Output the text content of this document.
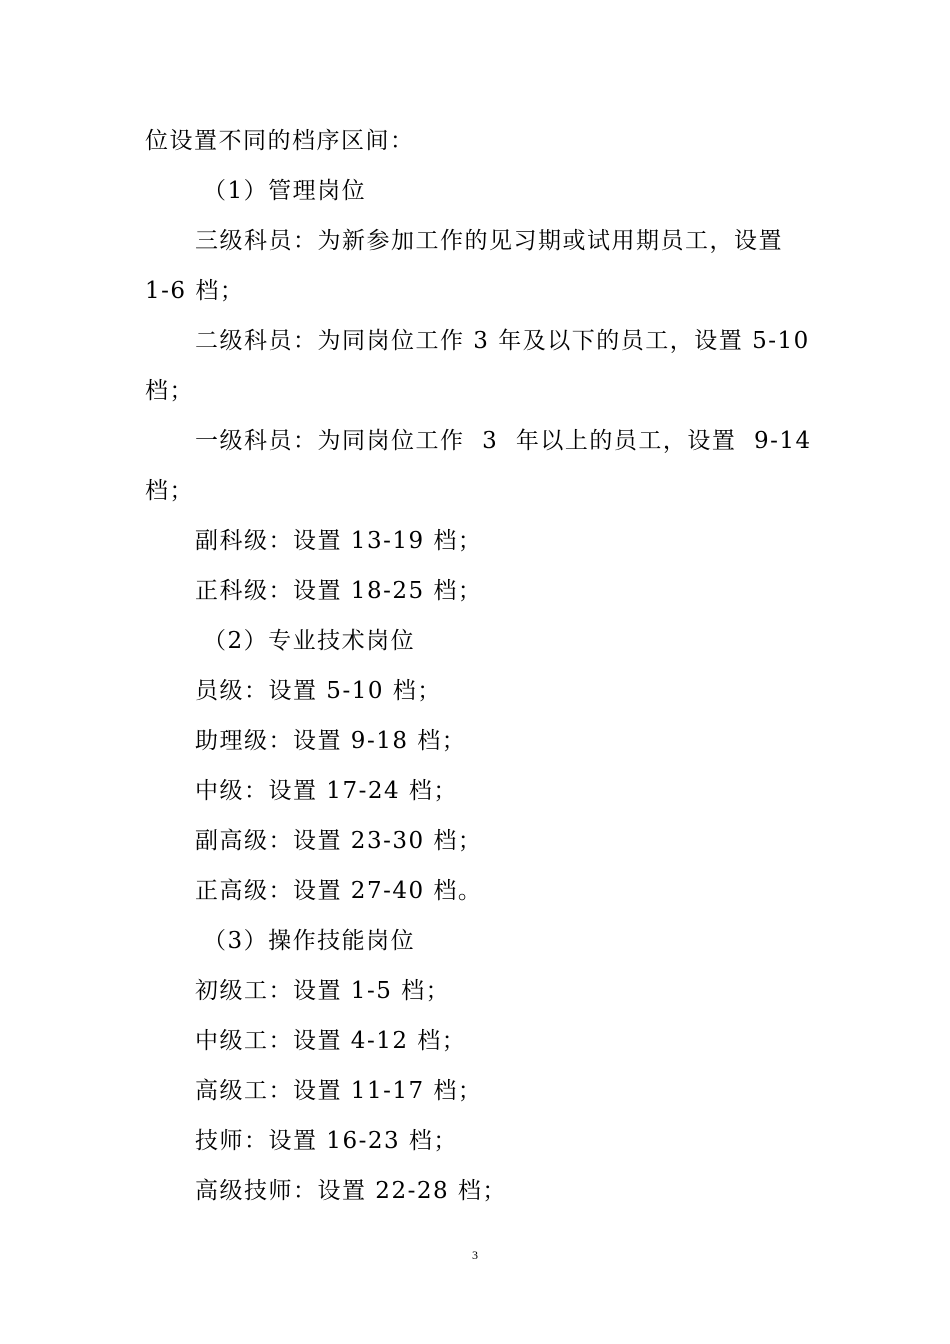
位设置不同的档序区间：
（1）管理岗位
三级科员：为新参加工作的见习期或试用期员工，设置
1-6 档；
二级科员：为同岗位工作 3 年及以下的员工，设置 5-10
档；
一级科员：为同岗位工作  3  年以上的员工，设置  9-14
档；
副科级：设置 13-19 档；
正科级：设置 18-25 档；
（2）专业技术岗位
员级：设置 5-10 档；
助理级：设置 9-18 档；
中级：设置 17-24 档；
副高级：设置 23-30 档；
正高级：设置 27-40 档。
（3）操作技能岗位
初级工：设置 1-5 档；
中级工：设置 4-12 档；
高级工：设置 11-17 档；
技师：设置 16-23 档；
高级技师：设置 22-28 档；
3
